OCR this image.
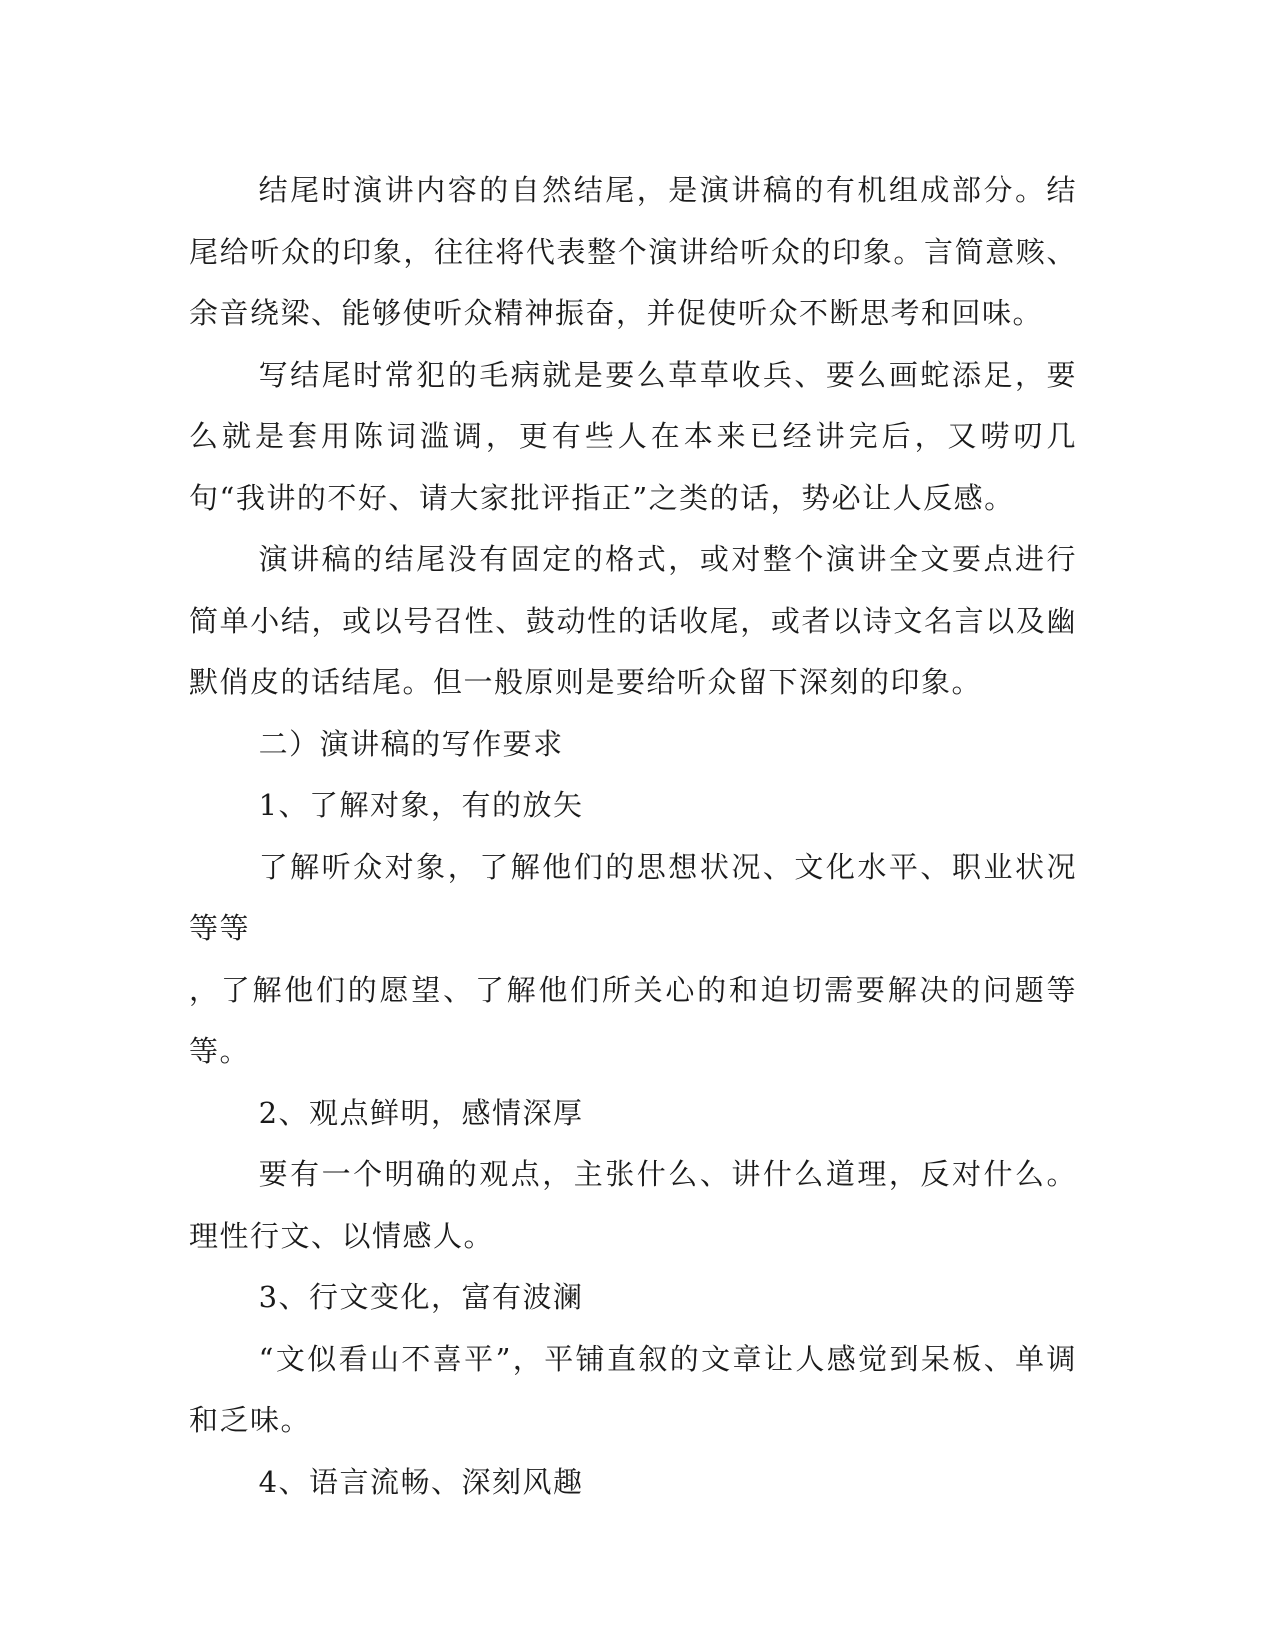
结尾时演讲内容的自然结尾，是演讲稿的有机组成部分。结尾给听众的印象，往往将代表整个演讲给听众的印象。言简意赅、余音绕梁、能够使听众精神振奋，并促使听众不断思考和回味。

写结尾时常犯的毛病就是要么草草收兵、要么画蛇添足，要么就是套用陈词滥调，更有些人在本来已经讲完后，又唠叨几句“我讲的不好、请大家批评指正”之类的话，势必让人反感。

演讲稿的结尾没有固定的格式，或对整个演讲全文要点进行简单小结，或以号召性、鼓动性的话收尾，或者以诗文名言以及幽默俏皮的话结尾。但一般原则是要给听众留下深刻的印象。

二）演讲稿的写作要求

1、了解对象，有的放矢

了解听众对象，了解他们的思想状况、文化水平、职业状况等等

，了解他们的愿望、了解他们所关心的和迫切需要解决的问题等等。

2、观点鲜明，感情深厚

要有一个明确的观点，主张什么、讲什么道理，反对什么。理性行文、以情感人。

3、行文变化，富有波澜

“文似看山不喜平”，平铺直叙的文章让人感觉到呆板、单调和乏味。

4、语言流畅、深刻风趣
